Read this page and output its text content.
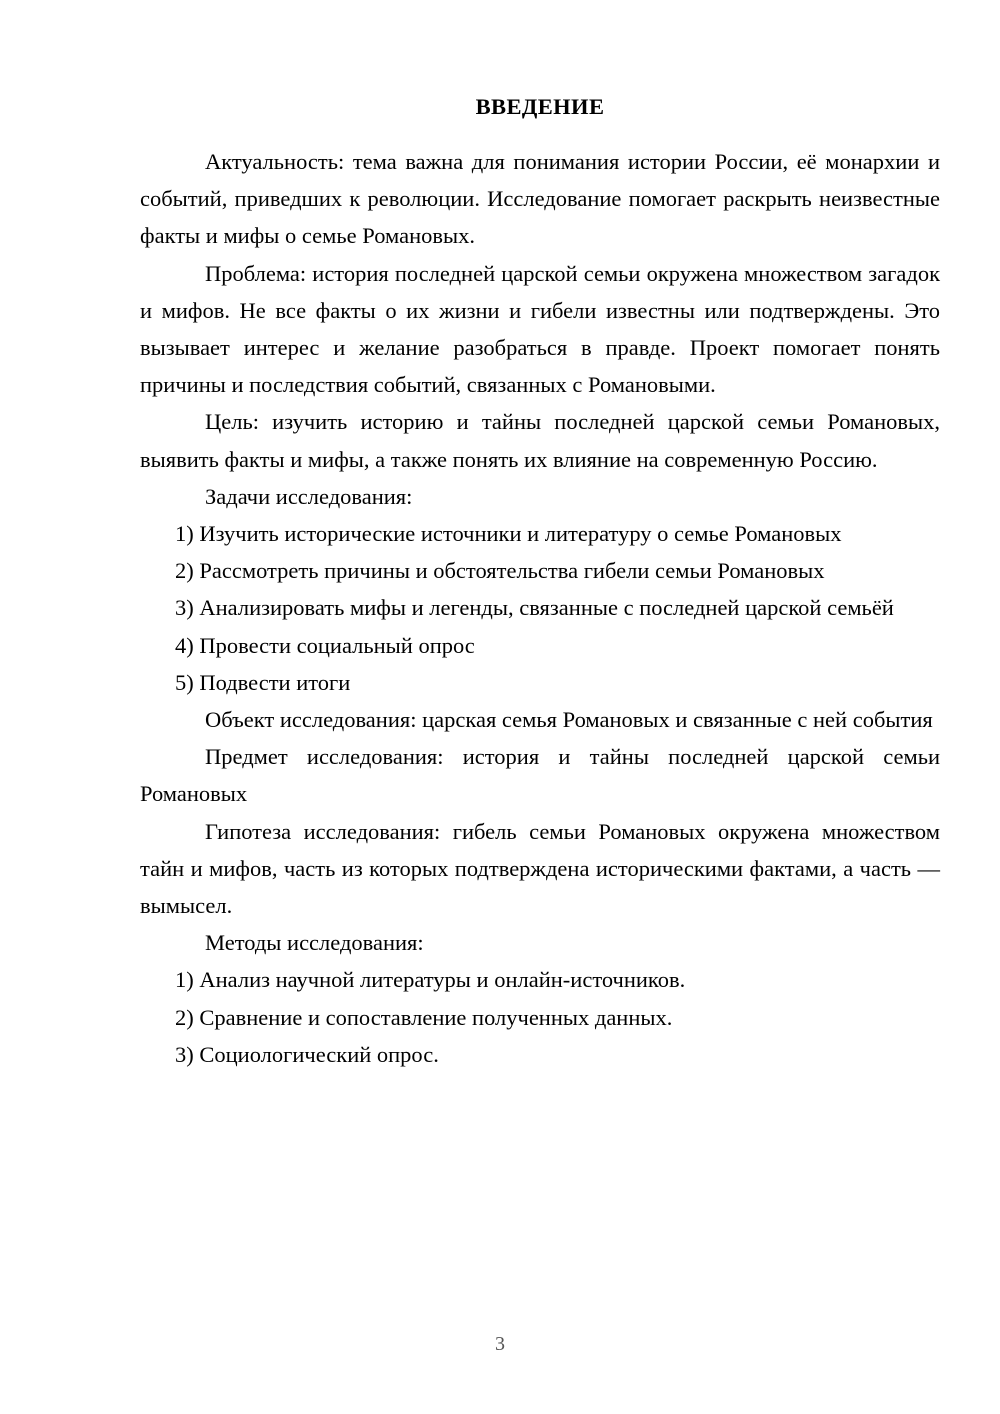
ВВЕДЕНИЕ

Актуальность: тема важна для понимания истории России, её монархии и событий, приведших к революции. Исследование помогает раскрыть неизвестные факты и мифы о семье Романовых.

Проблема: история последней царской семьи окружена множеством загадок и мифов. Не все факты о их жизни и гибели известны или подтверждены. Это вызывает интерес и желание разобраться в правде. Проект помогает понять причины и последствия событий, связанных с Романовыми.

Цель: изучить историю и тайны последней царской семьи Романовых, выявить факты и мифы, а также понять их влияние на современную Россию.

Задачи исследования:

1) Изучить исторические источники и литературу о семье Романовых

2) Рассмотреть причины и обстоятельства гибели семьи Романовых

3) Анализировать мифы и легенды, связанные с последней царской семьёй

4) Провести социальный опрос

5) Подвести итоги

Объект исследования: царская семья Романовых и связанные с ней события

Предмет исследования: история и тайны последней царской семьи Романовых

Гипотеза исследования: гибель семьи Романовых окружена множеством тайн и мифов, часть из которых подтверждена историческими фактами, а часть — вымысел.

Методы исследования:

1) Анализ научной литературы и онлайн-источников.

2) Сравнение и сопоставление полученных данных.

3) Социологический опрос.

3
